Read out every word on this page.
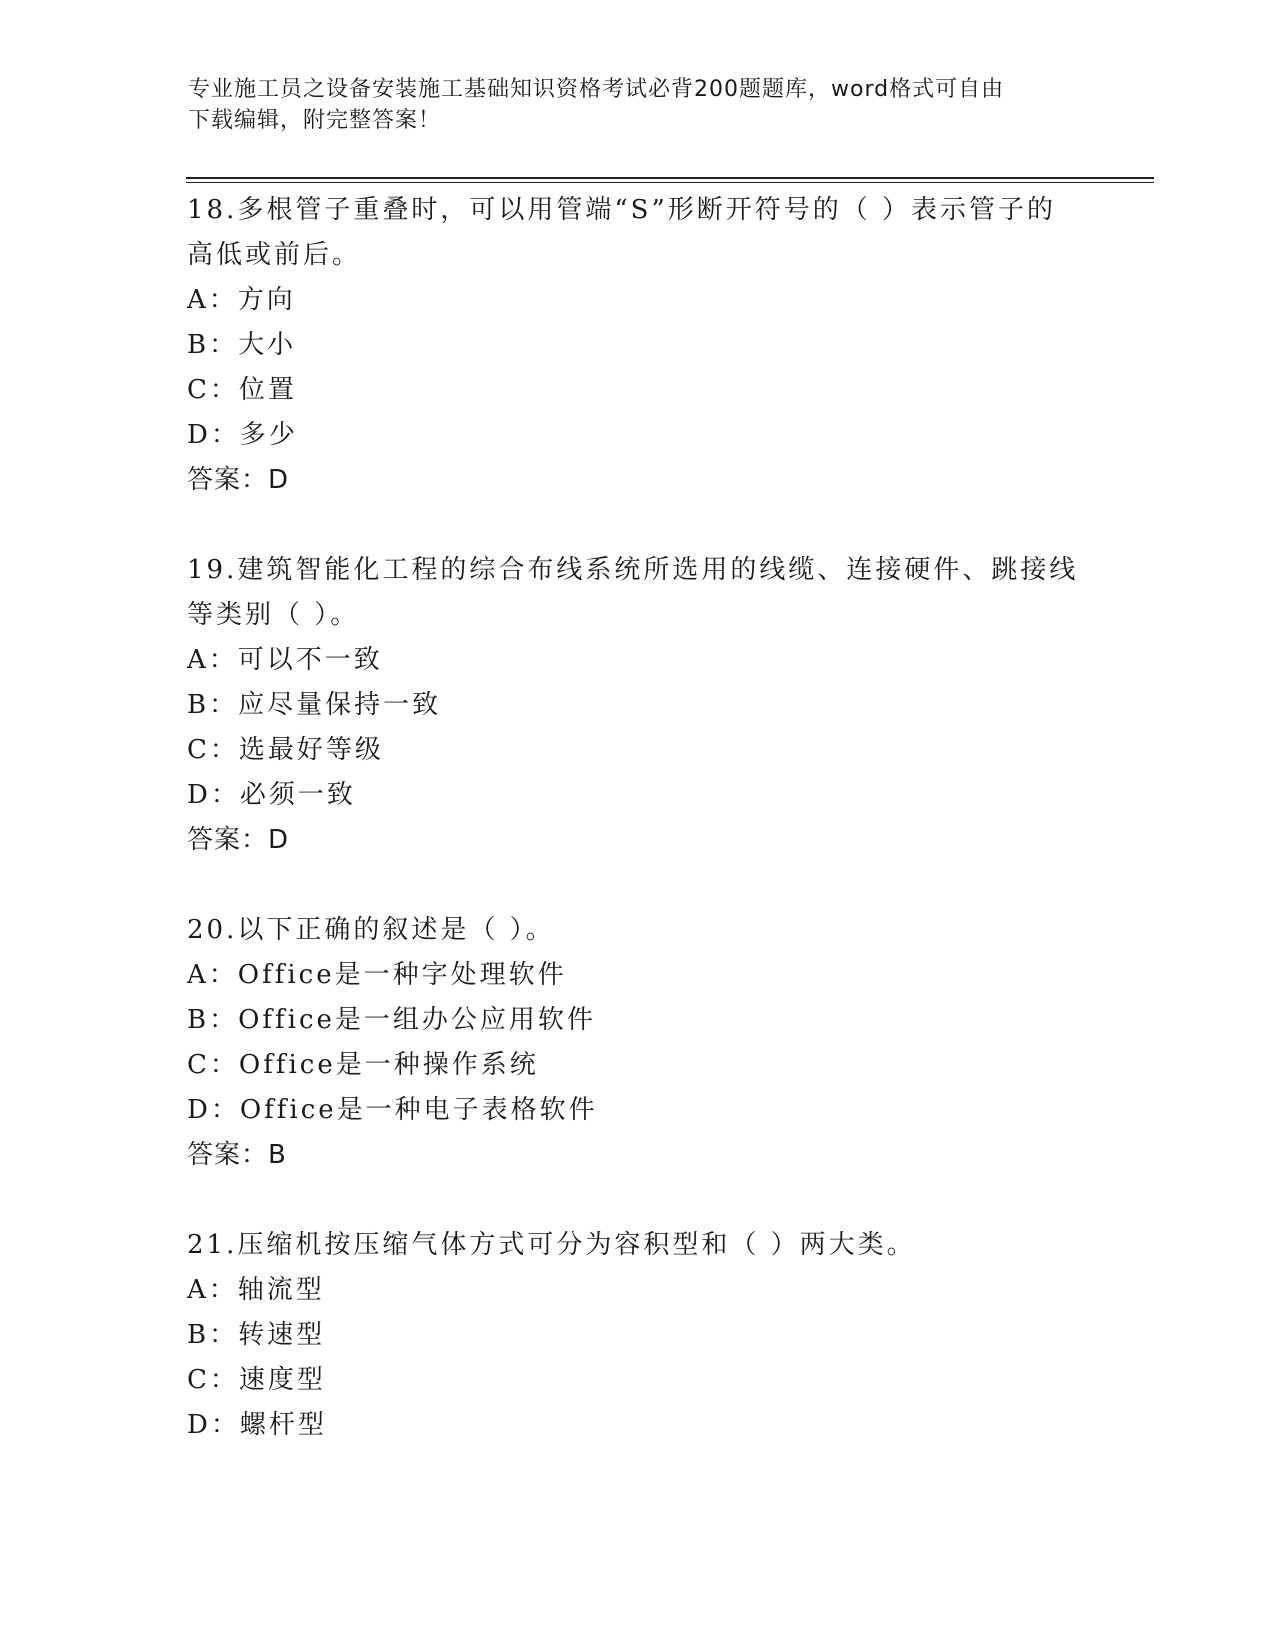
专业施工员之设备安装施工基础知识资格考试必背200题题库，word格式可自由
下载编辑，附完整答案！
18.多根管子重叠时，可以用管端“S”形断开符号的（ ）表示管子的
高低或前后。
A：方向
B：大小
C：位置
D：多少
答案：D
19.建筑智能化工程的综合布线系统所选用的线缆、连接硬件、跳接线
等类别（ ）。
A：可以不一致
B：应尽量保持一致
C：选最好等级
D：必须一致
答案：D
20.以下正确的叙述是（ ）。
A：Office是一种字处理软件
B：Office是一组办公应用软件
C：Office是一种操作系统
D：Office是一种电子表格软件
答案：B
21.压缩机按压缩气体方式可分为容积型和（ ）两大类。
A：轴流型
B：转速型
C：速度型
D：螺杆型
